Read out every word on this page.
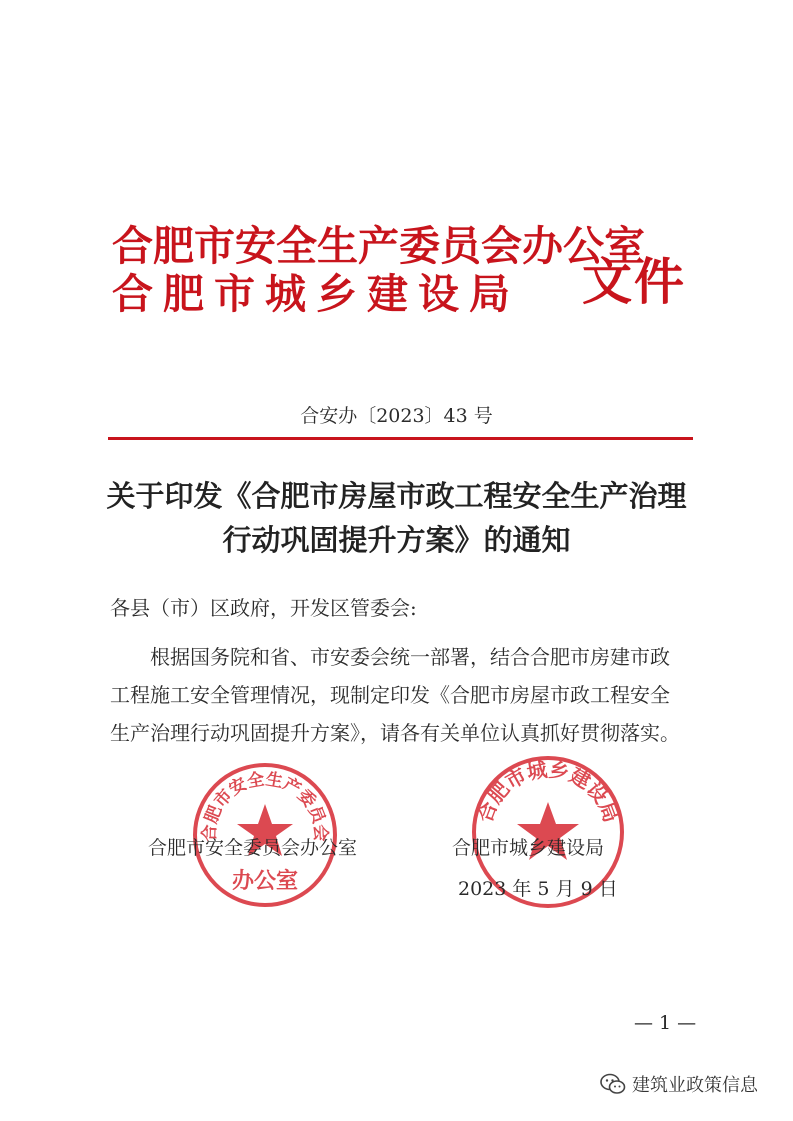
合肥市安全生产委员会办公室

合肥市城乡建设局	文件
合安办〔2023〕43 号

关于印发《合肥市房屋市政工程安全生产治理

行动巩固提升方案》的通知

各县（市）区政府，开发区管委会:

根据国务院和省、市安委会统一部署，结合合肥市房建市政

工程施工安全管理情况，现制定印发《合肥市房屋市政工程安全

生产治理行动巩固提升方案》，请各有关单位认真抓好贯彻落实。

合肥市安全生产委员会
办公室
合肥市城乡建设局
合肥市安全委员会办公室	合肥市城乡建设局
2023 年 5 月 9 日
— 1 —
建筑业政策信息
